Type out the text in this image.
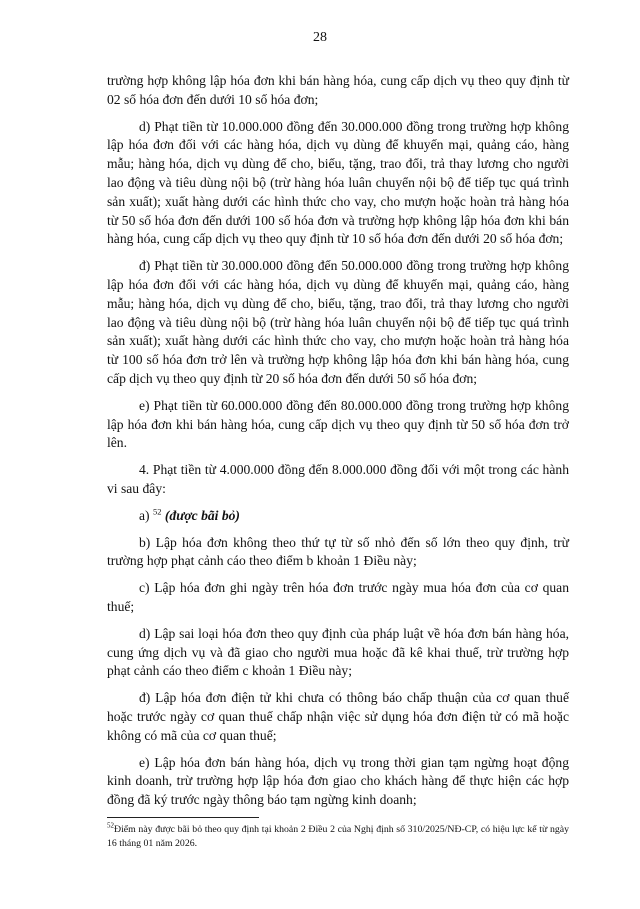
28

trường hợp không lập hóa đơn khi bán hàng hóa, cung cấp dịch vụ theo quy định từ 02 số hóa đơn đến dưới 10 số hóa đơn;

d) Phạt tiền từ 10.000.000 đồng đến 30.000.000 đồng trong trường hợp không lập hóa đơn đối với các hàng hóa, dịch vụ dùng để khuyến mại, quảng cáo, hàng mẫu; hàng hóa, dịch vụ dùng để cho, biếu, tặng, trao đổi, trả thay lương cho người lao động và tiêu dùng nội bộ (trừ hàng hóa luân chuyển nội bộ để tiếp tục quá trình sản xuất); xuất hàng dưới các hình thức cho vay, cho mượn hoặc hoàn trả hàng hóa từ 50 số hóa đơn đến dưới 100 số hóa đơn và trường hợp không lập hóa đơn khi bán hàng hóa, cung cấp dịch vụ theo quy định từ 10 số hóa đơn đến dưới 20 số hóa đơn;

đ) Phạt tiền từ 30.000.000 đồng đến 50.000.000 đồng trong trường hợp không lập hóa đơn đối với các hàng hóa, dịch vụ dùng để khuyến mại, quảng cáo, hàng mẫu; hàng hóa, dịch vụ dùng để cho, biếu, tặng, trao đổi, trả thay lương cho người lao động và tiêu dùng nội bộ (trừ hàng hóa luân chuyển nội bộ để tiếp tục quá trình sản xuất); xuất hàng dưới các hình thức cho vay, cho mượn hoặc hoàn trả hàng hóa từ 100 số hóa đơn trở lên và trường hợp không lập hóa đơn khi bán hàng hóa, cung cấp dịch vụ theo quy định từ 20 số hóa đơn đến dưới 50 số hóa đơn;

e) Phạt tiền từ 60.000.000 đồng đến 80.000.000 đồng trong trường hợp không lập hóa đơn khi bán hàng hóa, cung cấp dịch vụ theo quy định từ 50 số hóa đơn trở lên.

4. Phạt tiền từ 4.000.000 đồng đến 8.000.000 đồng đối với một trong các hành vi sau đây:

a) $^{52}$ (được bãi bỏ)

b) Lập hóa đơn không theo thứ tự từ số nhỏ đến số lớn theo quy định, trừ trường hợp phạt cảnh cáo theo điểm b khoản 1 Điều này;

c) Lập hóa đơn ghi ngày trên hóa đơn trước ngày mua hóa đơn của cơ quan thuế;

d) Lập sai loại hóa đơn theo quy định của pháp luật về hóa đơn bán hàng hóa, cung ứng dịch vụ và đã giao cho người mua hoặc đã kê khai thuế, trừ trường hợp phạt cảnh cáo theo điểm c khoản 1 Điều này;

đ) Lập hóa đơn điện tử khi chưa có thông báo chấp thuận của cơ quan thuế hoặc trước ngày cơ quan thuế chấp nhận việc sử dụng hóa đơn điện tử có mã hoặc không có mã của cơ quan thuế;

e) Lập hóa đơn bán hàng hóa, dịch vụ trong thời gian tạm ngừng hoạt động kinh doanh, trừ trường hợp lập hóa đơn giao cho khách hàng để thực hiện các hợp đồng đã ký trước ngày thông báo tạm ngừng kinh doanh;

$^{52}$Điểm này được bãi bỏ theo quy định tại khoản 2 Điều 2 của Nghị định số 310/2025/NĐ-CP, có hiệu lực kể từ ngày 16 tháng 01 năm 2026.
